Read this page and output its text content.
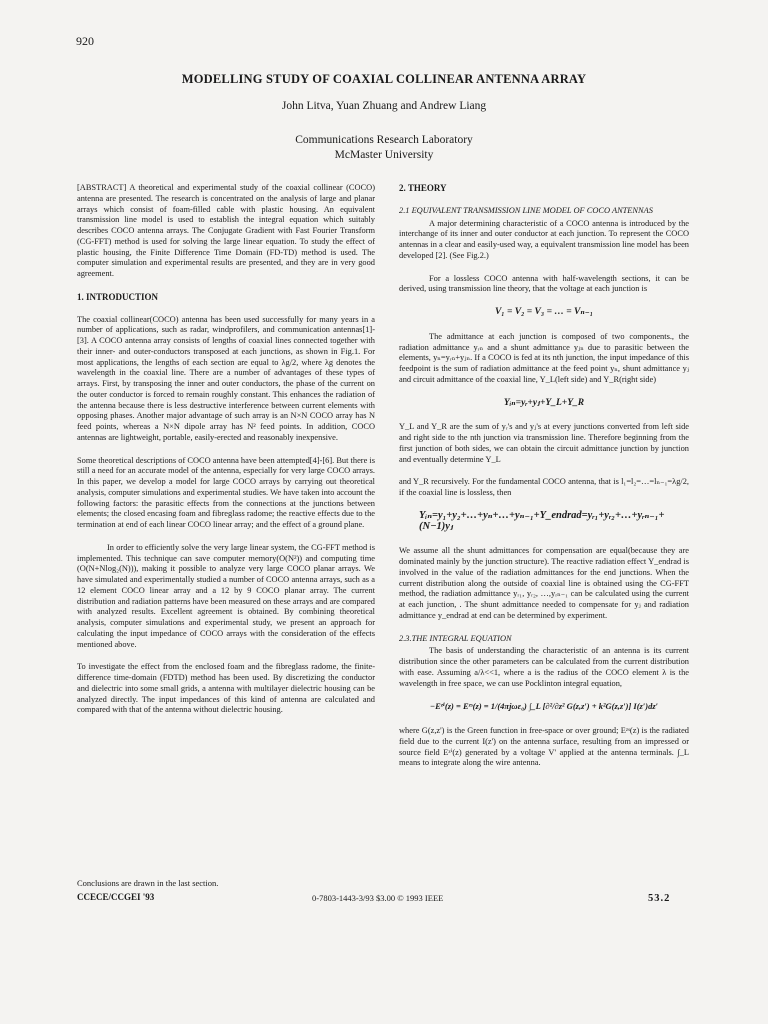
920
MODELLING STUDY OF COAXIAL COLLINEAR ANTENNA ARRAY
John Litva, Yuan Zhuang and Andrew Liang
Communications Research Laboratory
McMaster University

[ABSTRACT] A theoretical and experimental study of the coaxial collinear (COCO) antenna are presented. The research is concentrated on the analysis of large and planar arrays which consist of foam-filled cable with plastic housing. An equivalent transmission line model is used to establish the integral equation which suitably describes COCO antenna arrays. The Conjugate Gradient with Fast Fourier Transform (CG-FFT) method is used for solving the large linear equation. To study the effect of plastic housing, the Finite Difference Time Domain (FD-TD) method is used. The computer simulation and experimental results are presented, and they are in very good agreement.

1. INTRODUCTION

The coaxial collinear(COCO) antenna has been used successfully for many years in a number of applications, such as radar, windprofilers, and communication antennas[1]-[3]. A COCO antenna array consists of lengths of coaxial lines connected together with their inner- and outer-conductors transposed at each junctions, as shown in Fig.1. For most applications, the lengths of each section are equal to λg/2, where λg denotes the wavelength in the coaxial line. There are a number of advantages of these types of arrays. First, by transposing the inner and outer conductors, the phase of the current on the outer conductor is forced to remain roughly constant. This enhances the radiation of the antenna because there is less destructive interference between current elements with opposing phases. Another major advantage of such array is an N×N COCO array has N feed points, whereas a N×N dipole array has N² feed points. In addition, COCO antennas are lightweight, portable, easily-erected and reasonably inexpensive.

Some theoretical descriptions of COCO antenna have been attempted[4]-[6]. But there is still a need for an accurate model of the antenna, especially for very large COCO arrays. In this paper, we develop a model for large COCO arrays by carrying out theoretical analysis, computer simulations and experimental studies. We have taken into account the following factors: the parasitic effects from the connections at the junctions between elements; the closed encasing foam and fibreglass radome; the reactive effects due to the termination at end of each linear COCO linear array; and the effect of a ground plane.

In order to efficiently solve the very large linear system, the CG-FFT method is implemented. This technique can save computer memory(O(N²)) and computing time (O(N+Nlog₂(N))), making it possible to analyze very large COCO planar arrays. We have simulated and experimentally studied a number of COCO antenna arrays, such as a 12 element COCO linear array and a 12 by 9 COCO planar array. The current distribution and radiation patterns have been measured on these arrays and are compared with analyzed results. Excellent agreement is obtained. By combining theoretical analysis, computer simulations and experimental study, we present an approach for calculating the input impedance of COCO arrays with the consideration of the effects mentioned above.

To investigate the effect from the enclosed foam and the fibreglass radome, the finite-difference time-domain (FDTD) method has been used. By discretizing the conductor and dielectric into some small grids, a antenna with multilayer dielectric housing can be analyzed directly. The input impedances of this kind of antenna are calculated and compared with that of the antenna without dielectric housing.

2. THEORY
2.1 EQUIVALENT TRANSMISSION LINE MODEL OF COCO ANTENNAS

A major determining characteristic of a COCO antenna is introduced by the interchange of its inner and outer conductor at each junction. To represent the COCO antennas in a clear and easily-used way, a equivalent transmission line model has been developed [2]. (See Fig.2.)

For a lossless COCO antenna with half-wavelength sections, it can be derived, using transmission line theory, that the voltage at each junction is

V₁ = V₂ = V₃ = … = Vₙ₋₁

The admittance at each junction is composed of two components., the radiation admittance yᵣₙ and a shunt admittance yⱼₙ due to parasitic between the elements, yₙ=yᵣₙ+yⱼₙ. If a COCO is fed at its nth junction, the input impedance of this feedpoint is the sum of radiation admittance at the feed point yₙ, shunt admittance yⱼ and circuit admittance of the coaxial line, Y_L(left side) and Y_R(right side)

Yᵢₙ=yᵣ+yⱼ+Y_L+Y_R

Y_L and Y_R are the sum of yᵣ's and yⱼ's at every junctions converted from left side and right side to the nth junction via transmission line. Therefore beginning from the first junction of both sides, we can obtain the circuit admittance junction by junction and eventually determine Y_L

and Y_R recursively. For the fundamental COCO antenna, that is l₁=l₂=…=lₙ₋₁=λg/2, if the coaxial line is lossless, then

Yᵢₙ=y₁+y₂+…+yₙ+…+yₙ₋₁+Y_endrad=yᵣ₁+yᵣ₂+…+yᵣₙ₋₁+(N−1)yⱼ

We assume all the shunt admittances for compensation are equal(because they are dominated mainly by the junction structure). The reactive radiation effect Y_endrad is involved in the value of the radiation admittances for the end junctions. When the current distribution along the outside of coaxial line is obtained using the CG-FFT method, the radiation admittance yᵣ₁, yᵣ₂, …,yᵣₙ₋₁ can be calculated using the current at each junction, . The shunt admittance needed to compensate for yⱼ and radiation admittance y_endrad at end can be determined by experiment.

2.3.THE INTEGRAL EQUATION

The basis of understanding the characteristic of an antenna is its current distribution since the other parameters can be calculated from the current distribution with ease. Assuming a/λ<<1, where a is the radius of the COCO element λ is the wavelength in free space, we can use Pocklinton integral equation,

−Eᶻⁱ(z) = Eᶻˢ(z) = 1/(4πjωε₀) ∫_L [∂²/∂z² G(z,z′) + k²G(z,z′)] I(z′)dz′

where G(z,z') is the Green function in free-space or over ground; Eᶻˢ(z) is the radiated field due to the current I(z') on the antenna surface, resulting from an impressed or source field Eᶻⁱ(z) generated by a voltage V' applied at the antenna terminals. ∫_L means to integrate along the wire antenna.

Conclusions are drawn in the last section.
CCECE/CCGEI '93	0-7803-1443-3/93 $3.00 © 1993 IEEE	53.2
